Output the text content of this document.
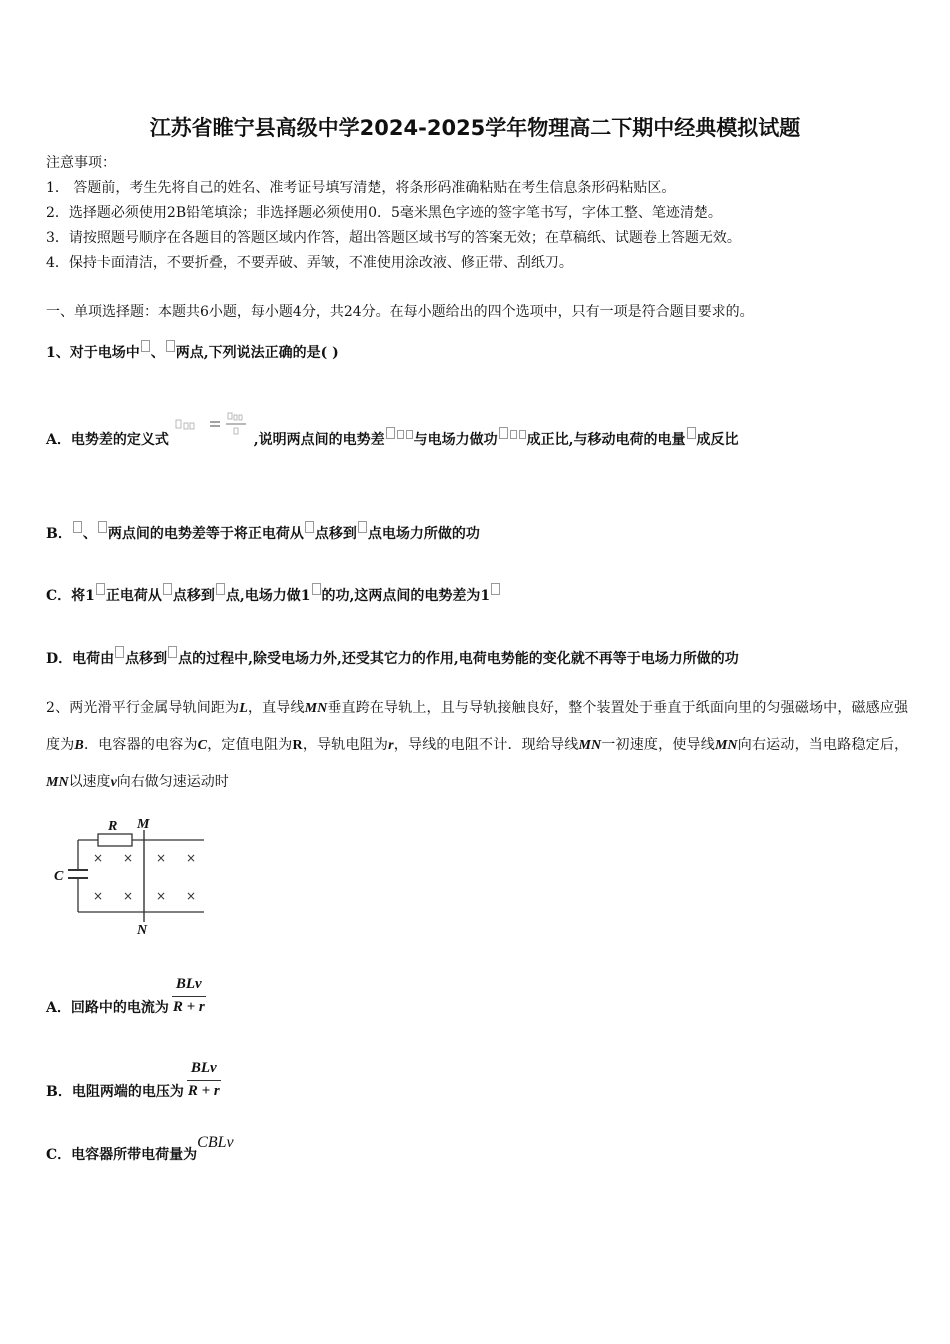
江苏省睢宁县高级中学2024-2025学年物理高二下期中经典模拟试题
注意事项：
1． 答题前，考生先将自己的姓名、准考证号填写清楚，将条形码准确粘贴在考生信息条形码粘贴区。
2．选择题必须使用2B铅笔填涂；非选择题必须使用0．5毫米黑色字迹的签字笔书写，字体工整、笔迹清楚。
3．请按照题号顺序在各题目的答题区域内作答，超出答题区域书写的答案无效；在草稿纸、试题卷上答题无效。
4．保持卡面清洁，不要折叠，不要弄破、弄皱，不准使用涂改液、修正带、刮纸刀。
一、单项选择题：本题共6小题，每小题4分，共24分。在每小题给出的四个选项中，只有一项是符合题目要求的。
1、对于电场中 、 两点,下列说法正确的是( )
A．电势差的定义式	,说明两点间的电势差 与电场力做功 成正比,与移动电荷的电量 成反比
B． 、 两点间的电势差等于将正电荷从 点移到 点电场力所做的功
C．将1 正电荷从 点移到 点,电场力做1 的功,这两点间的电势差为1
D．电荷由 点移到 点的过程中,除受电场力外,还受其它力的作用,电荷电势能的变化就不再等于电场力所做的功
2、两光滑平行金属导轨间距为L，直导线MN垂直跨在导轨上，且与导轨接触良好，整个装置处于垂直于纸面向里的匀强磁场中，磁感应强度为B．电容器的电容为C，定值电阻为R，导轨电阻为r，导线的电阻不计．现给导线MN一初速度，使导线MN向右运动，当电路稳定后，MN以速度v向右做匀速运动时
R M
C
N
× × × ×
× × × ×
A．回路中的电流为 $\frac{\text{BLv}}{R + r}$
B．电阻两端的电压为 $\frac{\text{BLv}}{R + r}$
C．电容器所带电荷量为CBLv
